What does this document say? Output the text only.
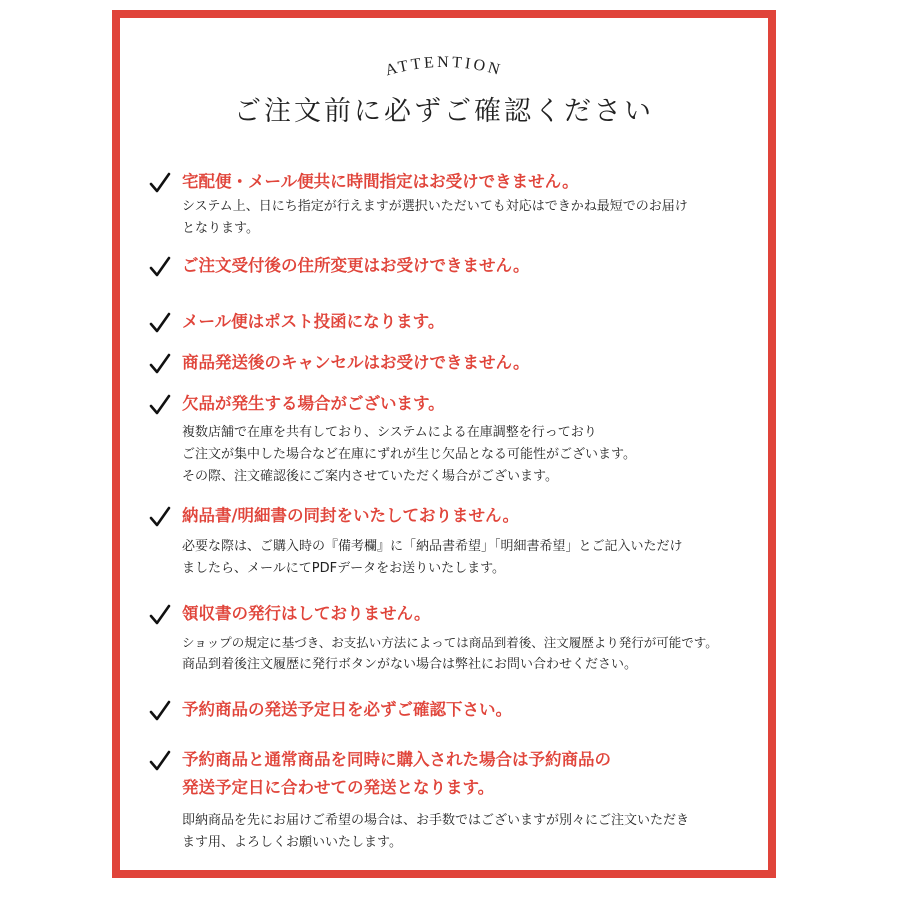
ATTENTION
ご注文前に必ずご確認ください
宅配便・メール便共に時間指定はお受けできません。
システム上、日にち指定が行えますが選択いただいても対応はできかね最短でのお届け
となります。
ご注文受付後の住所変更はお受けできません。
メール便はポスト投函になります。
商品発送後のキャンセルはお受けできません。
欠品が発生する場合がございます。
複数店舗で在庫を共有しており、システムによる在庫調整を行っており
ご注文が集中した場合など在庫にずれが生じ欠品となる可能性がございます。
その際、注文確認後にご案内させていただく場合がございます。
納品書/明細書の同封をいたしておりません。
必要な際は、ご購入時の『備考欄』に「納品書希望」「明細書希望」とご記入いただけ
ましたら、メールにてPDFデータをお送りいたします。
領収書の発行はしておりません。
ショップの規定に基づき、お支払い方法によっては商品到着後、注文履歴より発行が可能です。
商品到着後注文履歴に発行ボタンがない場合は弊社にお問い合わせください。
予約商品の発送予定日を必ずご確認下さい。
予約商品と通常商品を同時に購入された場合は予約商品の
発送予定日に合わせての発送となります。
即納商品を先にお届けご希望の場合は、お手数ではございますが別々にご注文いただき
ます用、よろしくお願いいたします。
